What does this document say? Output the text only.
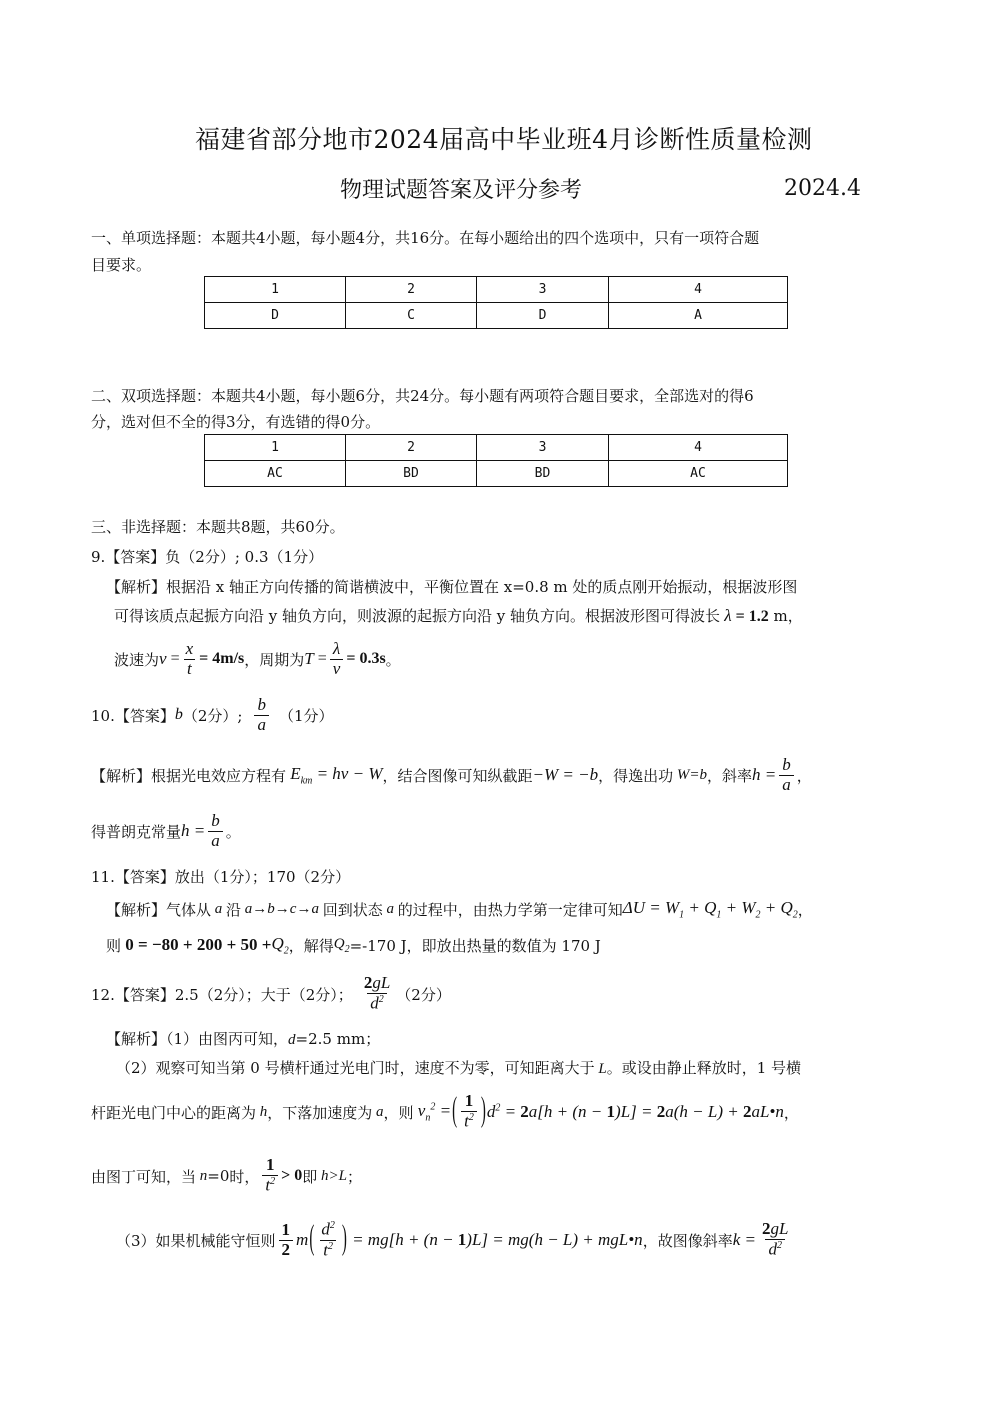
福建省部分地市2024届高中毕业班4月诊断性质量检测
物理试题答案及评分参考	2024.4
一、单项选择题：本题共4小题，每小题4分，共16分。在每小题给出的四个选项中，只有一项符合题
目要求。
1	2	3	4
D	C	D	A
二、双项选择题：本题共4小题，每小题6分，共24分。每小题有两项符合题目要求，全部选对的得6
分，选对但不全的得3分，有选错的得0分。
1	2	3	4
AC	BD	BD	AC
三、非选择题：本题共8题，共60分。
9.【答案】负（2分）; 0.3（1分）
【解析】根据沿 x 轴正方向传播的简谐横波中，平衡位置在 x=0.8 m 处的质点刚开始振动，根据波形图
可得该质点起振方向沿 y 轴负方向，则波源的起振方向沿 y 轴负方向。根据波形图可得波长 λ = 1.2 m，
波速为 $v = \frac{x}{t} = 4m/s$ ，周期为 $T = \frac{\lambda}{v} = 0.3s$ 。
10.【答案】 b （2分）; $\frac{b}{a} (1$分）
【解析】根据光电效应方程有 $E_{km} = h\nu - W$ ，结合图像可知纵截距 −W = −b ，得逸出功 W=b ，斜率 $h = \frac{b}{a}$ ，
得普朗克常量 $h = \frac{b}{a}$ 。
11.【答案】放出（1分）；170（2分）
【解析】气体从 a 沿 a→b→c→a 回到状态 a 的过程中，由热力学第一定律可知 $\Delta U = W_1 + Q_1 + W_2 + Q_2$ ，
则 $0 = -80 + 200 + 50 + Q_2$ ，解得 $Q_2 =-170$ J，即放出热量的数值为 170 J
12.【答案】2.5（2分）；大于（2分）； $\frac{2gL}{d^2} (2$分）
【解析】（1）由图丙可知，d=2.5 mm；
（2）观察可知当第 0 号横杆通过光电门时，速度不为零，可知距离大于 L。或设由静止释放时，1 号横
杆距光电门中心的距离为 h ，下落加速度为 a ，则 $v_n^2$ = ( $\frac{1}{t^2}$ ) $d^2 = 2a[h + (n - 1)L] = 2a(h - L)$ + 2aL•n ，
由图丁可知，当 n =0 时， $\frac{1}{t^2} > 0$ 即 h>L ；
（3）如果机械能守恒则 $\frac{1}{2}$ m ( $\frac{d^2}{t^2}$ ) = mg[h + (n − 1)L] = mg(h − L) + mgL•n ，故图像斜率 $k = \frac{2gL}{d^2}$
